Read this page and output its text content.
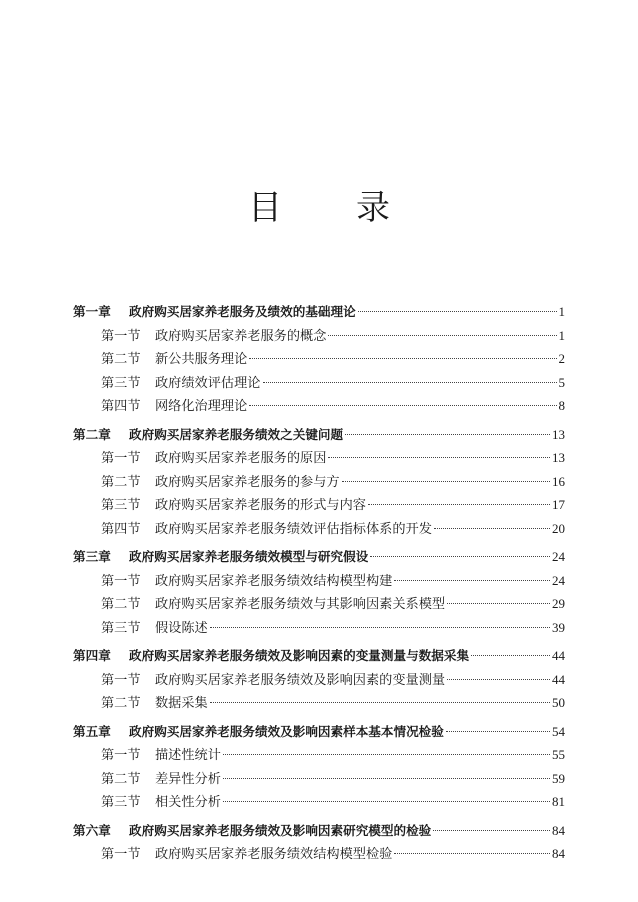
目 录
第一章	政府购买居家养老服务及绩效的基础理论	1
第一节	政府购买居家养老服务的概念	1
第二节	新公共服务理论	2
第三节	政府绩效评估理论	5
第四节	网络化治理理论	8
第二章	政府购买居家养老服务绩效之关键问题	13
第一节	政府购买居家养老服务的原因	13
第二节	政府购买居家养老服务的参与方	16
第三节	政府购买居家养老服务的形式与内容	17
第四节	政府购买居家养老服务绩效评估指标体系的开发	20
第三章	政府购买居家养老服务绩效模型与研究假设	24
第一节	政府购买居家养老服务绩效结构模型构建	24
第二节	政府购买居家养老服务绩效与其影响因素关系模型	29
第三节	假设陈述	39
第四章	政府购买居家养老服务绩效及影响因素的变量测量与数据采集	44
第一节	政府购买居家养老服务绩效及影响因素的变量测量	44
第二节	数据采集	50
第五章	政府购买居家养老服务绩效及影响因素样本基本情况检验	54
第一节	描述性统计	55
第二节	差异性分析	59
第三节	相关性分析	81
第六章	政府购买居家养老服务绩效及影响因素研究模型的检验	84
第一节	政府购买居家养老服务绩效结构模型检验	84
